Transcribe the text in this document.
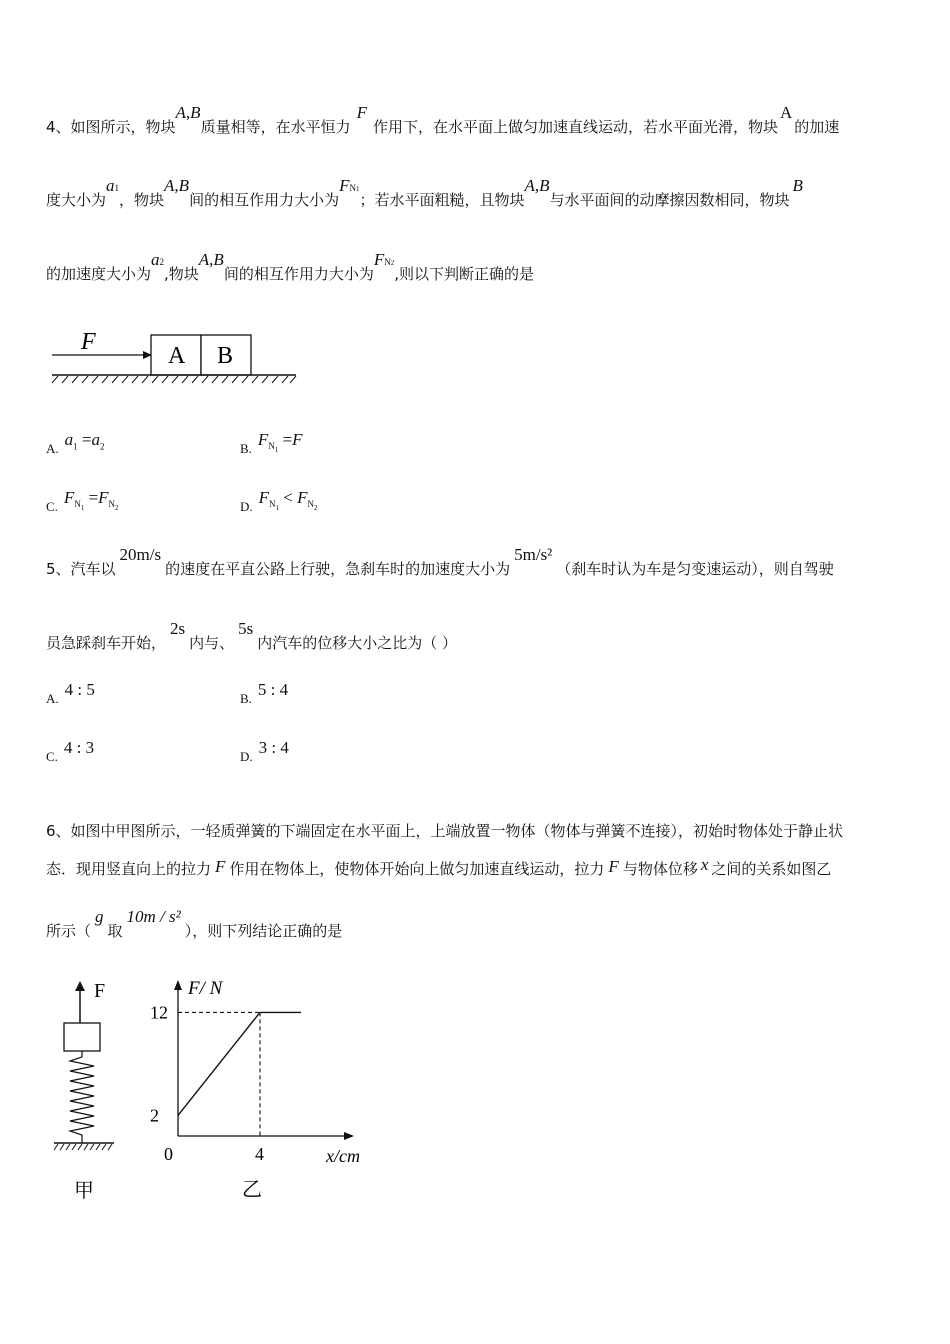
4、如图所示，物块A,B质量相等，在水平恒力F作用下，在水平面上做匀加速直线运动，若水平面光滑，物块A的加速
度大小为a1，物块A,B间的相互作用力大小为FN1；若水平面粗糙，且物块A,B与水平面间的动摩擦因数相同，物块B
的加速度大小为a2,物块A,B间的相互作用力大小为FN2,则以下判断正确的是
F
A B
A. $a_1 =a_2$	B. $F_{N_1} =F$
C. $F_{N_1} =F_{N_2}$	D. $F_{N_1} < F_{N_2}$
5、汽车以20m/s的速度在平直公路上行驶，急刹车时的加速度大小为5m/s²（刹车时认为车是匀变速运动），则自驾驶
员急踩刹车开始，2s内与、5s内汽车的位移大小之比为（ ）
A. 4 : 5	B. 5 : 4
C. 4 : 3	D. 3 : 4
6、如图中甲图所示，一轻质弹簧的下端固定在水平面上，上端放置一物体（物体与弹簧不连接），初始时物体处于静止状
态．现用竖直向上的拉力 F 作用在物体上，使物体开始向上做匀加速直线运动，拉力 F 与物体位移 x 之间的关系如图乙
所示（g取10m / s²），则下列结论正确的是
F
甲
F/ N
x/cm
乙
12
2
0	4
